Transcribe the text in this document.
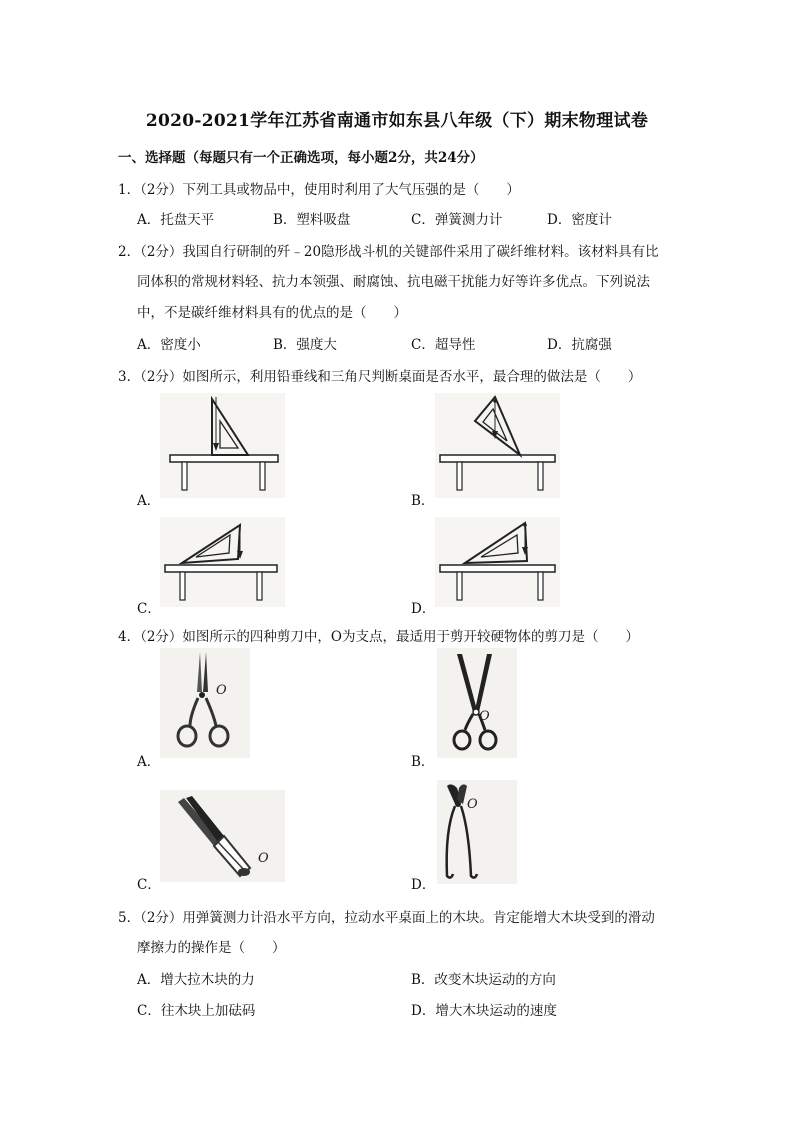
2020-2021学年江苏省南通市如东县八年级（下）期末物理试卷
一、选择题（每题只有一个正确选项，每小题2分，共24分）
1．（2分）下列工具或物品中，使用时利用了大气压强的是（　　）
A．托盘天平	B．塑料吸盘	C．弹簧测力计	D．密度计
2．（2分）我国自行研制的歼﹣20隐形战斗机的关键部件采用了碳纤维材料。该材料具有比
同体积的常规材料轻、抗力本领强、耐腐蚀、抗电磁干扰能力好等许多优点。下列说法
中，不是碳纤维材料具有的优点的是（　　）
A．密度小	B．强度大	C．超导性	D．抗腐强
3．（2分）如图所示，利用铅垂线和三角尺判断桌面是否水平，最合理的做法是（　　）
A．	B．
C．	D．
4．（2分）如图所示的四种剪刀中，O为支点，最适用于剪开较硬物体的剪刀是（　　）
O
A．
O
B．
O
C．
O
D．
5．（2分）用弹簧测力计沿水平方向，拉动水平桌面上的木块。肯定能增大木块受到的滑动
摩擦力的操作是（　　）
A．增大拉木块的力	B．改变木块运动的方向
C．往木块上加砝码	D．增大木块运动的速度
